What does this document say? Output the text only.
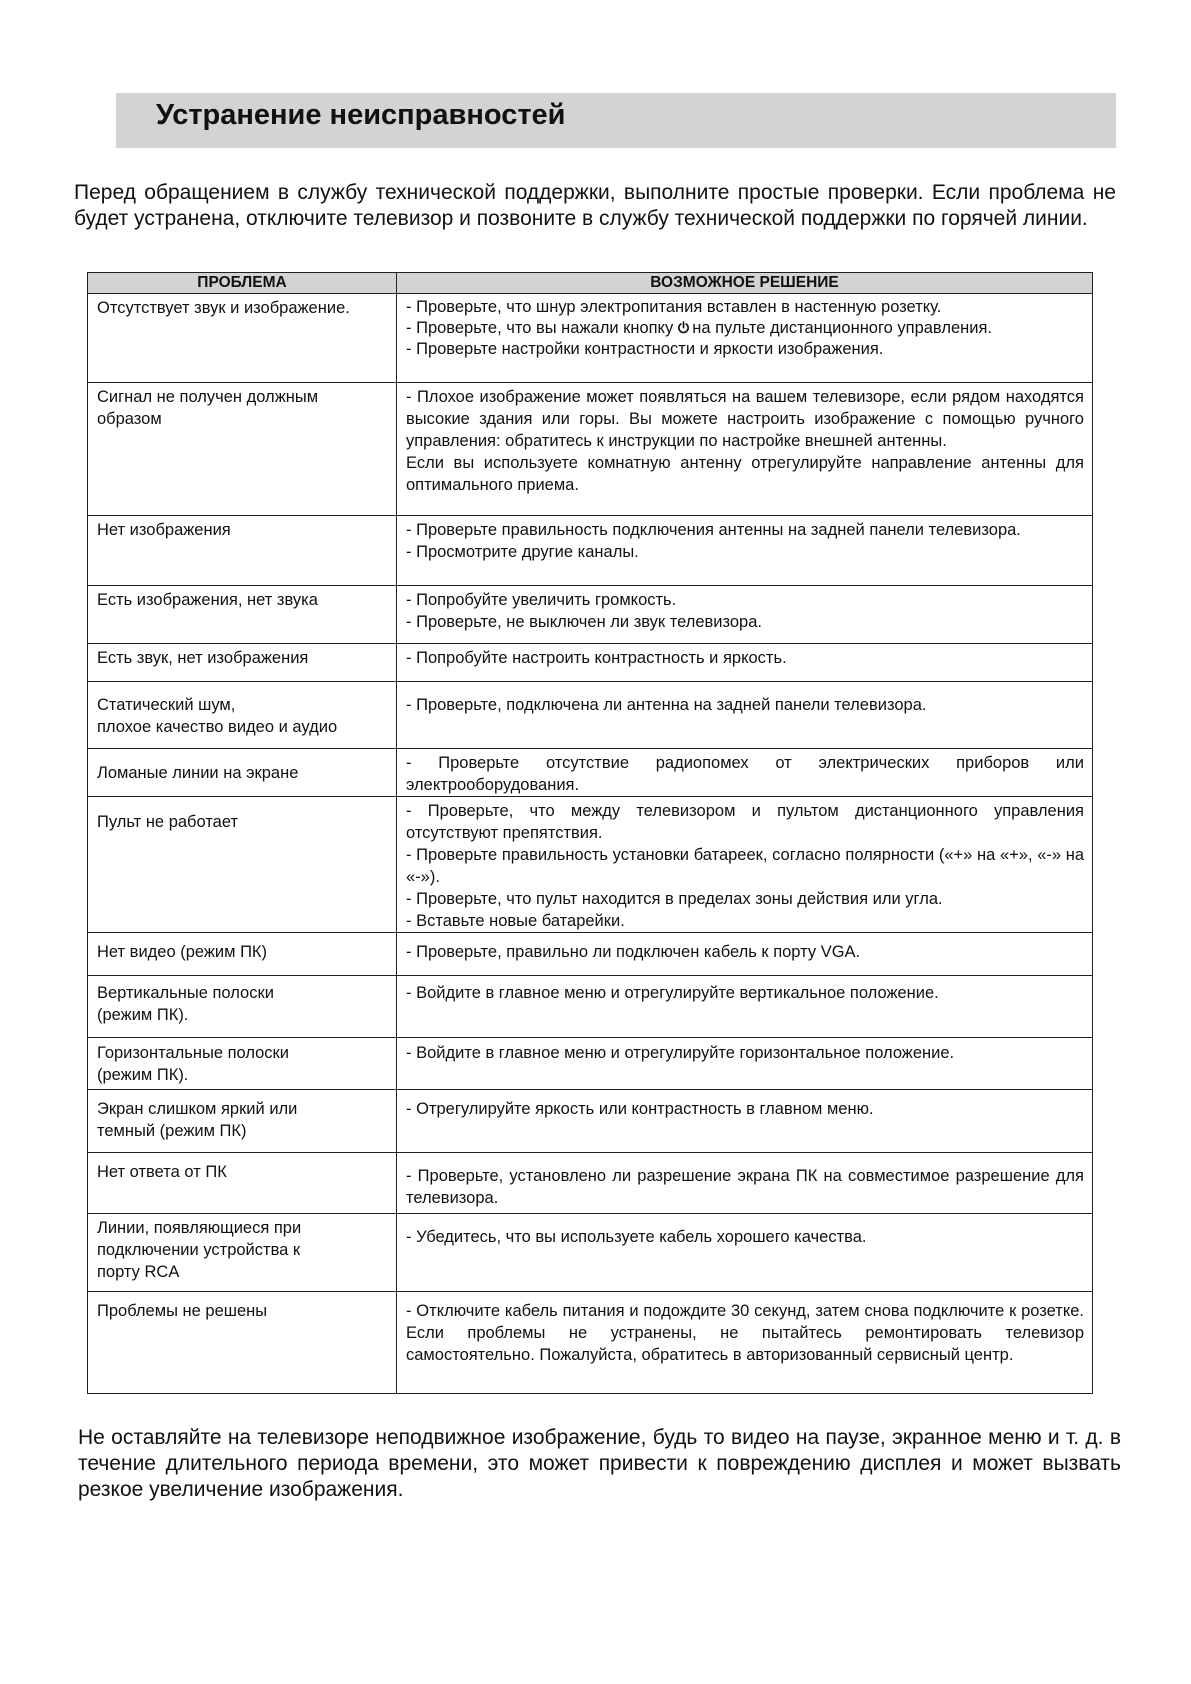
Устранение неисправностей
Перед обращением в службу технической поддержки, выполните простые проверки. Если проблема не будет устранена, отключите телевизор и позвоните в службу технической поддержки по горячей линии.
ПРОБЛЕМА	ВОЗМОЖНОЕ РЕШЕНИЕ

Отсутствует звук и изображение.	- Проверьте, что шнур электропитания вставлен в настенную розетку.
- Проверьте, что вы нажали кнопку на пульте дистанционного управления.
- Проверьте настройки контрастности и яркости изображения.

Сигнал не получен должным
образом	- Плохое изображение может появляться на вашем телевизоре, если рядом находятся высокие здания или горы. Вы можете настроить изображение с помощью ручного управления: обратитесь к инструкции по настройке внешней антенны.
Если вы используете комнатную антенну отрегулируйте направление антенны для оптимального приема.

Нет изображения	- Проверьте правильность подключения антенны на задней панели телевизора.
- Просмотрите другие каналы.

Есть изображения, нет звука	- Попробуйте увеличить громкость.
- Проверьте, не выключен ли звук телевизора.

Есть звук, нет изображения	- Попробуйте настроить контрастность и яркость.

Статический шум,
плохое качество видео и аудио	- Проверьте, подключена ли антенна на задней панели телевизора.

Ломаные линии на экране	- Проверьте отсутствие радиопомех от электрических приборов или электрооборудования.

Пульт не работает	- Проверьте, что между телевизором и пультом дистанционного управления отсутствуют препятствия.
- Проверьте правильность установки батареек, согласно полярности («+» на «+», «-» на «-»).
- Проверьте, что пульт находится в пределах зоны действия или угла.
- Вставьте новые батарейки.

Нет видео (режим ПК)	- Проверьте, правильно ли подключен кабель к порту VGA.

Вертикальные полоски
(режим ПК).	- Войдите в главное меню и отрегулируйте вертикальное положение.

Горизонтальные полоски
(режим ПК).	- Войдите в главное меню и отрегулируйте горизонтальное положение.

Экран слишком яркий или
темный (режим ПК)	- Отрегулируйте яркость или контрастность в главном меню.

Нет ответа от ПК	- Проверьте, установлено ли разрешение экрана ПК на совместимое разрешение для телевизора.

Линии, появляющиеся при
подключении устройства к
порту RCA	- Убедитесь, что вы используете кабель хорошего качества.

Проблемы не решены	- Отключите кабель питания и подождите 30 секунд, затем снова подключите к розетке. Если проблемы не устранены, не пытайтесь ремонтировать телевизор самостоятельно. Пожалуйста, обратитесь в авторизованный сервисный центр.
Не оставляйте на телевизоре неподвижное изображение, будь то видео на паузе, экранное меню и т. д. в течение длительного периода времени, это может привести к повреждению дисплея и может вызвать резкое увеличение изображения.
